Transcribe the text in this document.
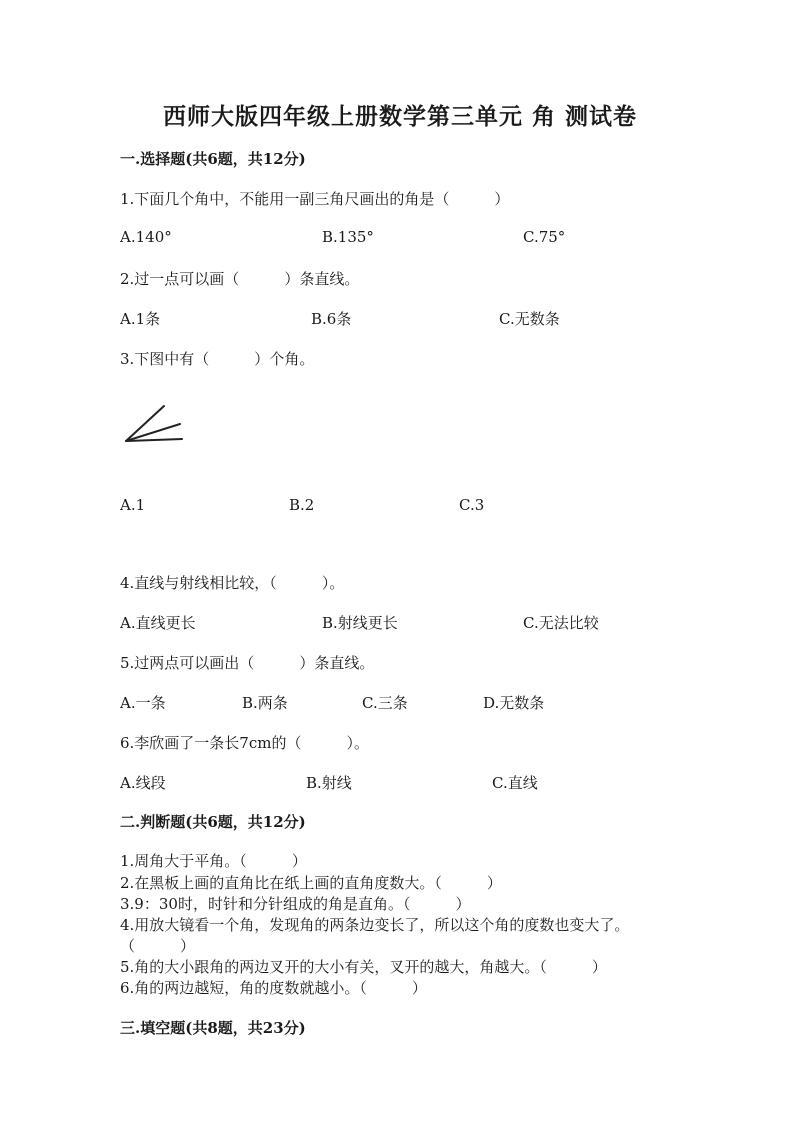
西师大版四年级上册数学第三单元 角 测试卷
一.选择题(共6题，共12分)
1.下面几个角中，不能用一副三角尺画出的角是（　　　）
A.140°	B.135°	C.75°
2.过一点可以画（　　　）条直线。
A.1条	B.6条	C.无数条
3.下图中有（　　　）个角。
A.1	B.2	C.3
4.直线与射线相比较，（　　　）。
A.直线更长	B.射线更长	C.无法比较
5.过两点可以画出（　　　）条直线。
A.一条	B.两条	C.三条	D.无数条
6.李欣画了一条长7cm的（　　　）。
A.线段	B.射线	C.直线
二.判断题(共6题，共12分)
1.周角大于平角。（　　　）
2.在黑板上画的直角比在纸上画的直角度数大。（　　　）
3.9：30时，时针和分针组成的角是直角。（　　　）
4.用放大镜看一个角，发现角的两条边变长了，所以这个角的度数也变大了。
（　　　）
5.角的大小跟角的两边叉开的大小有关，叉开的越大，角越大。（　　　）
6.角的两边越短，角的度数就越小。（　　　）
三.填空题(共8题，共23分)
